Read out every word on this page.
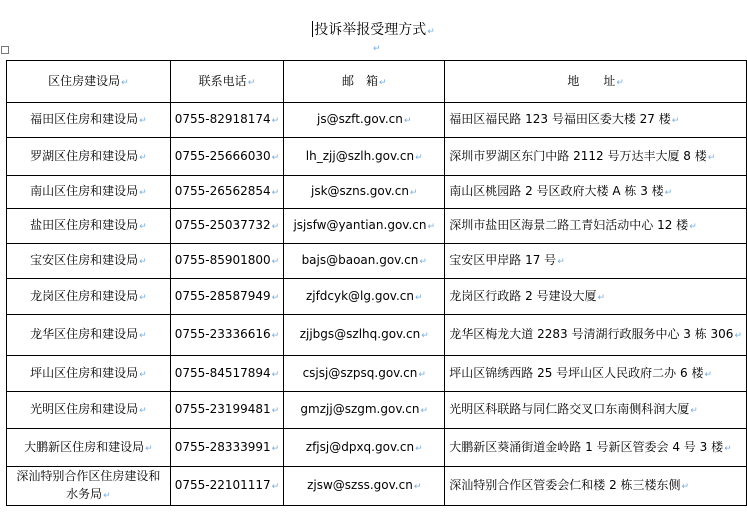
投诉举报受理方式↵
↵
区住房建设局↵	联系电话↵	邮　箱↵	地　　址↵
福田区住房和建设局↵	0755-82918174↵	js@szft.gov.cn↵	福田区福民路 123 号福田区委大楼 27 楼↵
罗湖区住房和建设局↵	0755-25666030↵	lh_zjj@szlh.gov.cn↵	深圳市罗湖区东门中路 2112 号万达丰大厦 8 楼↵
南山区住房和建设局↵	0755-26562854↵	jsk@szns.gov.cn↵	南山区桃园路 2 号区政府大楼 A 栋 3 楼↵
盐田区住房和建设局↵	0755-25037732↵	jsjsfw@yantian.gov.cn↵	深圳市盐田区海景二路工青妇活动中心 12 楼↵
宝安区住房和建设局↵	0755-85901800↵	bajs@baoan.gov.cn↵	宝安区甲岸路 17 号↵
龙岗区住房和建设局↵	0755-28587949↵	zjfdcyk@lg.gov.cn↵	龙岗区行政路 2 号建设大厦↵
龙华区住房和建设局↵	0755-23336616↵	zjjbgs@szlhq.gov.cn↵	龙华区梅龙大道 2283 号清湖行政服务中心 3 栋 306↵
坪山区住房和建设局↵	0755-84517894↵	csjsj@szpsq.gov.cn↵	坪山区锦绣西路 25 号坪山区人民政府二办 6 楼↵
光明区住房和建设局↵	0755-23199481↵	gmzjj@szgm.gov.cn↵	光明区科联路与同仁路交叉口东南侧科润大厦↵
大鹏新区住房和建设局↵	0755-28333991↵	zfjsj@dpxq.gov.cn↵	大鹏新区葵涌街道金岭路 1 号新区管委会 4 号 3 楼↵
深汕特别合作区住房建设和水务局↵	0755-22101117↵	zjsw@szss.gov.cn↵	深汕特别合作区管委会仁和楼 2 栋三楼东侧↵
